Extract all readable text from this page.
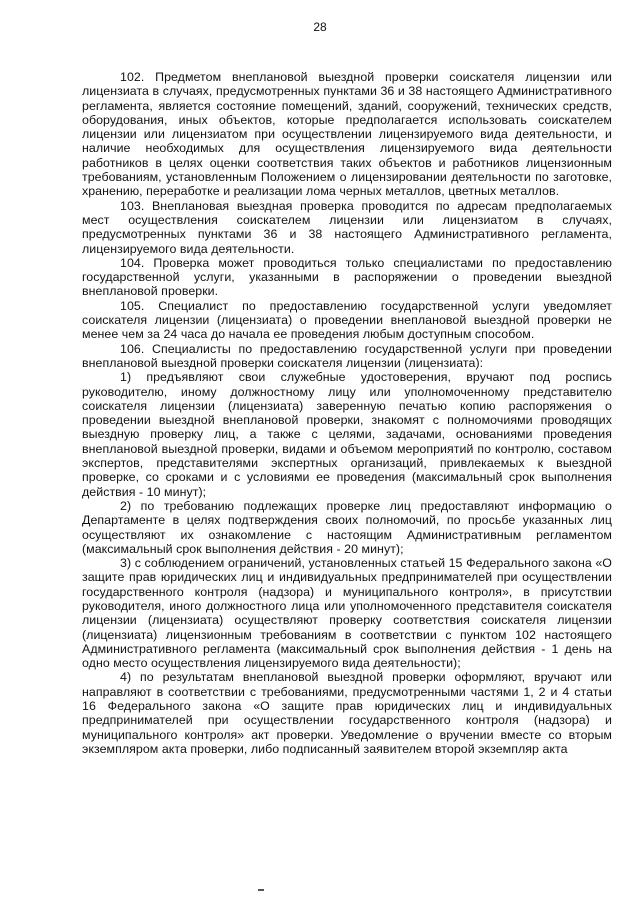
28

102. Предметом внеплановой выездной проверки соискателя лицензии или лицензиата в случаях, предусмотренных пунктами 36 и 38 настоящего Административного регламента, является состояние помещений, зданий, сооружений, технических средств, оборудования, иных объектов, которые предполагается использовать соискателем лицензии или лицензиатом при осуществлении лицензируемого вида деятельности, и наличие необходимых для осуществления лицензируемого вида деятельности работников в целях оценки соответствия таких объектов и работников лицензионным требованиям, установленным Положением о лицензировании деятельности по заготовке, хранению, переработке и реализации лома черных металлов, цветных металлов.

103. Внеплановая выездная проверка проводится по адресам предполагаемых мест осуществления соискателем лицензии или лицензиатом в случаях, предусмотренных пунктами 36 и 38 настоящего Административного регламента, лицензируемого вида деятельности.

104. Проверка может проводиться только специалистами по предоставлению государственной услуги, указанными в распоряжении о проведении выездной внеплановой проверки.

105. Специалист по предоставлению государственной услуги уведомляет соискателя лицензии (лицензиата) о проведении внеплановой выездной проверки не менее чем за 24 часа до начала ее проведения любым доступным способом.

106. Специалисты по предоставлению государственной услуги при проведении внеплановой выездной проверки соискателя лицензии (лицензиата):

1) предъявляют свои служебные удостоверения, вручают под роспись руководителю, иному должностному лицу или уполномоченному представителю соискателя лицензии (лицензиата) заверенную печатью копию распоряжения о проведении выездной внеплановой проверки, знакомят с полномочиями проводящих выездную проверку лиц, а также с целями, задачами, основаниями проведения внеплановой выездной проверки, видами и объемом мероприятий по контролю, составом экспертов, представителями экспертных организаций, привлекаемых к выездной проверке, со сроками и с условиями ее проведения (максимальный срок выполнения действия - 10 минут);

2) по требованию подлежащих проверке лиц предоставляют информацию о Департаменте в целях подтверждения своих полномочий, по просьбе указанных лиц осуществляют их ознакомление с настоящим Административным регламентом (максимальный срок выполнения действия - 20 минут);

3) с соблюдением ограничений, установленных статьей 15 Федерального закона «О защите прав юридических лиц и индивидуальных предпринимателей при осуществлении государственного контроля (надзора) и муниципального контроля», в присутствии руководителя, иного должностного лица или уполномоченного представителя соискателя лицензии (лицензиата) осуществляют проверку соответствия соискателя лицензии (лицензиата) лицензионным требованиям в соответствии с пунктом 102 настоящего Административного регламента (максимальный срок выполнения действия - 1 день на одно место осуществления лицензируемого вида деятельности);

4) по результатам внеплановой выездной проверки оформляют, вручают или направляют в соответствии с требованиями, предусмотренными частями 1, 2 и 4 статьи 16 Федерального закона «О защите прав юридических лиц и индивидуальных предпринимателей при осуществлении государственного контроля (надзора) и муниципального контроля» акт проверки. Уведомление о вручении вместе со вторым экземпляром акта проверки, либо подписанный заявителем второй экземпляр акта
